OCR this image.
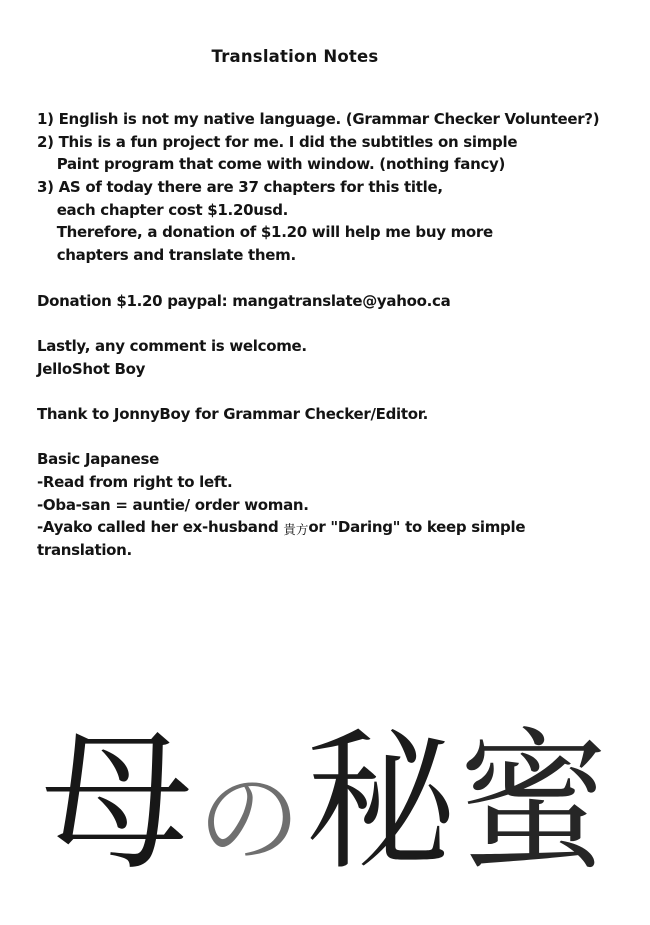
Translation Notes
1) English is not my native language. (Grammar Checker Volunteer?)
2) This is a fun project for me. I did the subtitles on simple
Paint program that come with window. (nothing fancy)
3) AS of today there are 37 chapters for this title,
each chapter cost $1.20usd.
Therefore, a donation of $1.20 will help me buy more
chapters and translate them.
Donation $1.20 paypal: mangatranslate@yahoo.ca
Lastly, any comment is welcome.
JelloShot Boy
Thank to JonnyBoy for Grammar Checker/Editor.
Basic Japanese
-Read from right to left.
-Oba-san = auntie/ order woman.
-Ayako called her ex-husband 貴方or "Daring" to keep simple
translation.
母 の 秘 蜜
